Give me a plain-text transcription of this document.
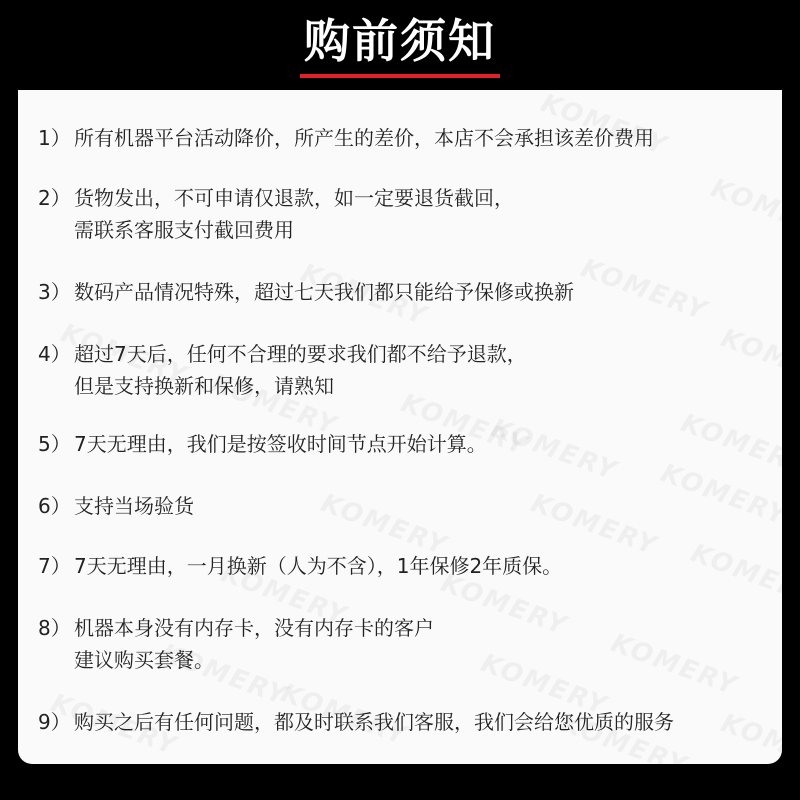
购前须知
1） 所有机器平台活动降价，所产生的差价，本店不会承担该差价费用
2） 货物发出，不可申请仅退款，如一定要退货截回，
需联系客服支付截回费用
3） 数码产品情况特殊，超过七天我们都只能给予保修或换新
4） 超过7天后，任何不合理的要求我们都不给予退款，
但是支持换新和保修，请熟知
5） 7天无理由，我们是按签收时间节点开始计算。
6） 支持当场验货
7） 7天无理由，一月换新（人为不含），1年保修2年质保。
8） 机器本身没有内存卡，没有内存卡的客户
建议购买套餐。
9） 购买之后有任何问题，都及时联系我们客服，我们会给您优质的服务
